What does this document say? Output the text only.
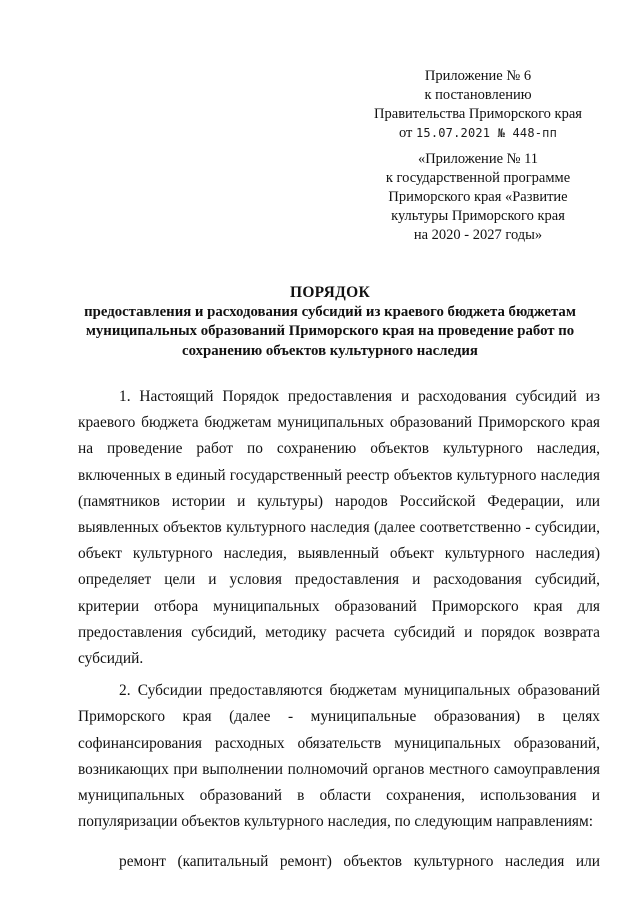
Приложение № 6
к постановлению
Правительства Приморского края
от 15.07.2021 № 448-пп
«Приложение № 11
к государственной программе
Приморского края «Развитие
культуры Приморского края
на 2020 - 2027 годы»
ПОРЯДОК
предоставления и расходования субсидий из краевого бюджета бюджетам
муниципальных образований Приморского края на проведение работ по
сохранению объектов культурного наследия

1. Настоящий Порядок предоставления и расходования субсидий из краевого бюджета бюджетам муниципальных образований Приморского края на проведение работ по сохранению объектов культурного наследия, включенных в единый государственный реестр объектов культурного наследия (памятников истории и культуры) народов Российской Федерации, или выявленных объектов культурного наследия (далее соответственно - субсидии, объект культурного наследия, выявленный объект культурного наследия) определяет цели и условия предоставления и расходования субсидий, критерии отбора муниципальных образований Приморского края для предоставления субсидий, методику расчета субсидий и порядок возврата субсидий.

2. Субсидии предоставляются бюджетам муниципальных образований Приморского края (далее - муниципальные образования) в целях софинансирования расходных обязательств муниципальных образований, возникающих при выполнении полномочий органов местного самоуправления муниципальных образований в области сохранения, использования и популяризации объектов культурного наследия, по следующим направлениям:

ремонт (капитальный ремонт) объектов культурного наследия или
